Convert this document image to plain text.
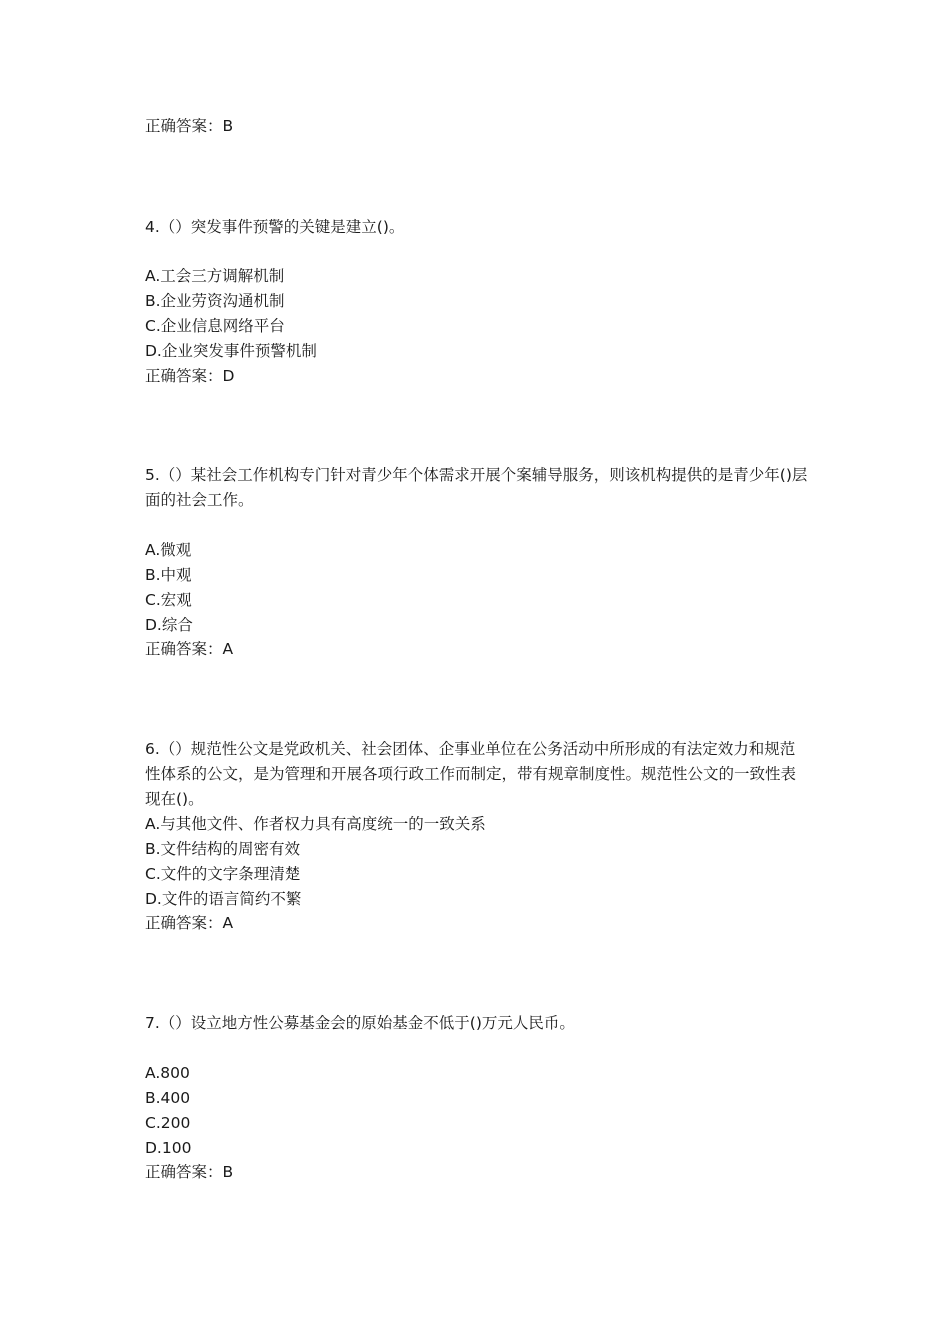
正确答案：B
4.（）突发事件预警的关键是建立()。
A.工会三方调解机制
B.企业劳资沟通机制
C.企业信息网络平台
D.企业突发事件预警机制
正确答案：D
5.（）某社会工作机构专门针对青少年个体需求开展个案辅导服务，则该机构提供的是青少年()层面的社会工作。
A.微观
B.中观
C.宏观
D.综合
正确答案：A
6.（）规范性公文是党政机关、社会团体、企事业单位在公务活动中所形成的有法定效力和规范性体系的公文，是为管理和开展各项行政工作而制定，带有规章制度性。规范性公文的一致性表现在()。
A.与其他文件、作者权力具有高度统一的一致关系
B.文件结构的周密有效
C.文件的文字条理清楚
D.文件的语言简约不繁
正确答案：A
7.（）设立地方性公募基金会的原始基金不低于()万元人民币。
A.800
B.400
C.200
D.100
正确答案：B
